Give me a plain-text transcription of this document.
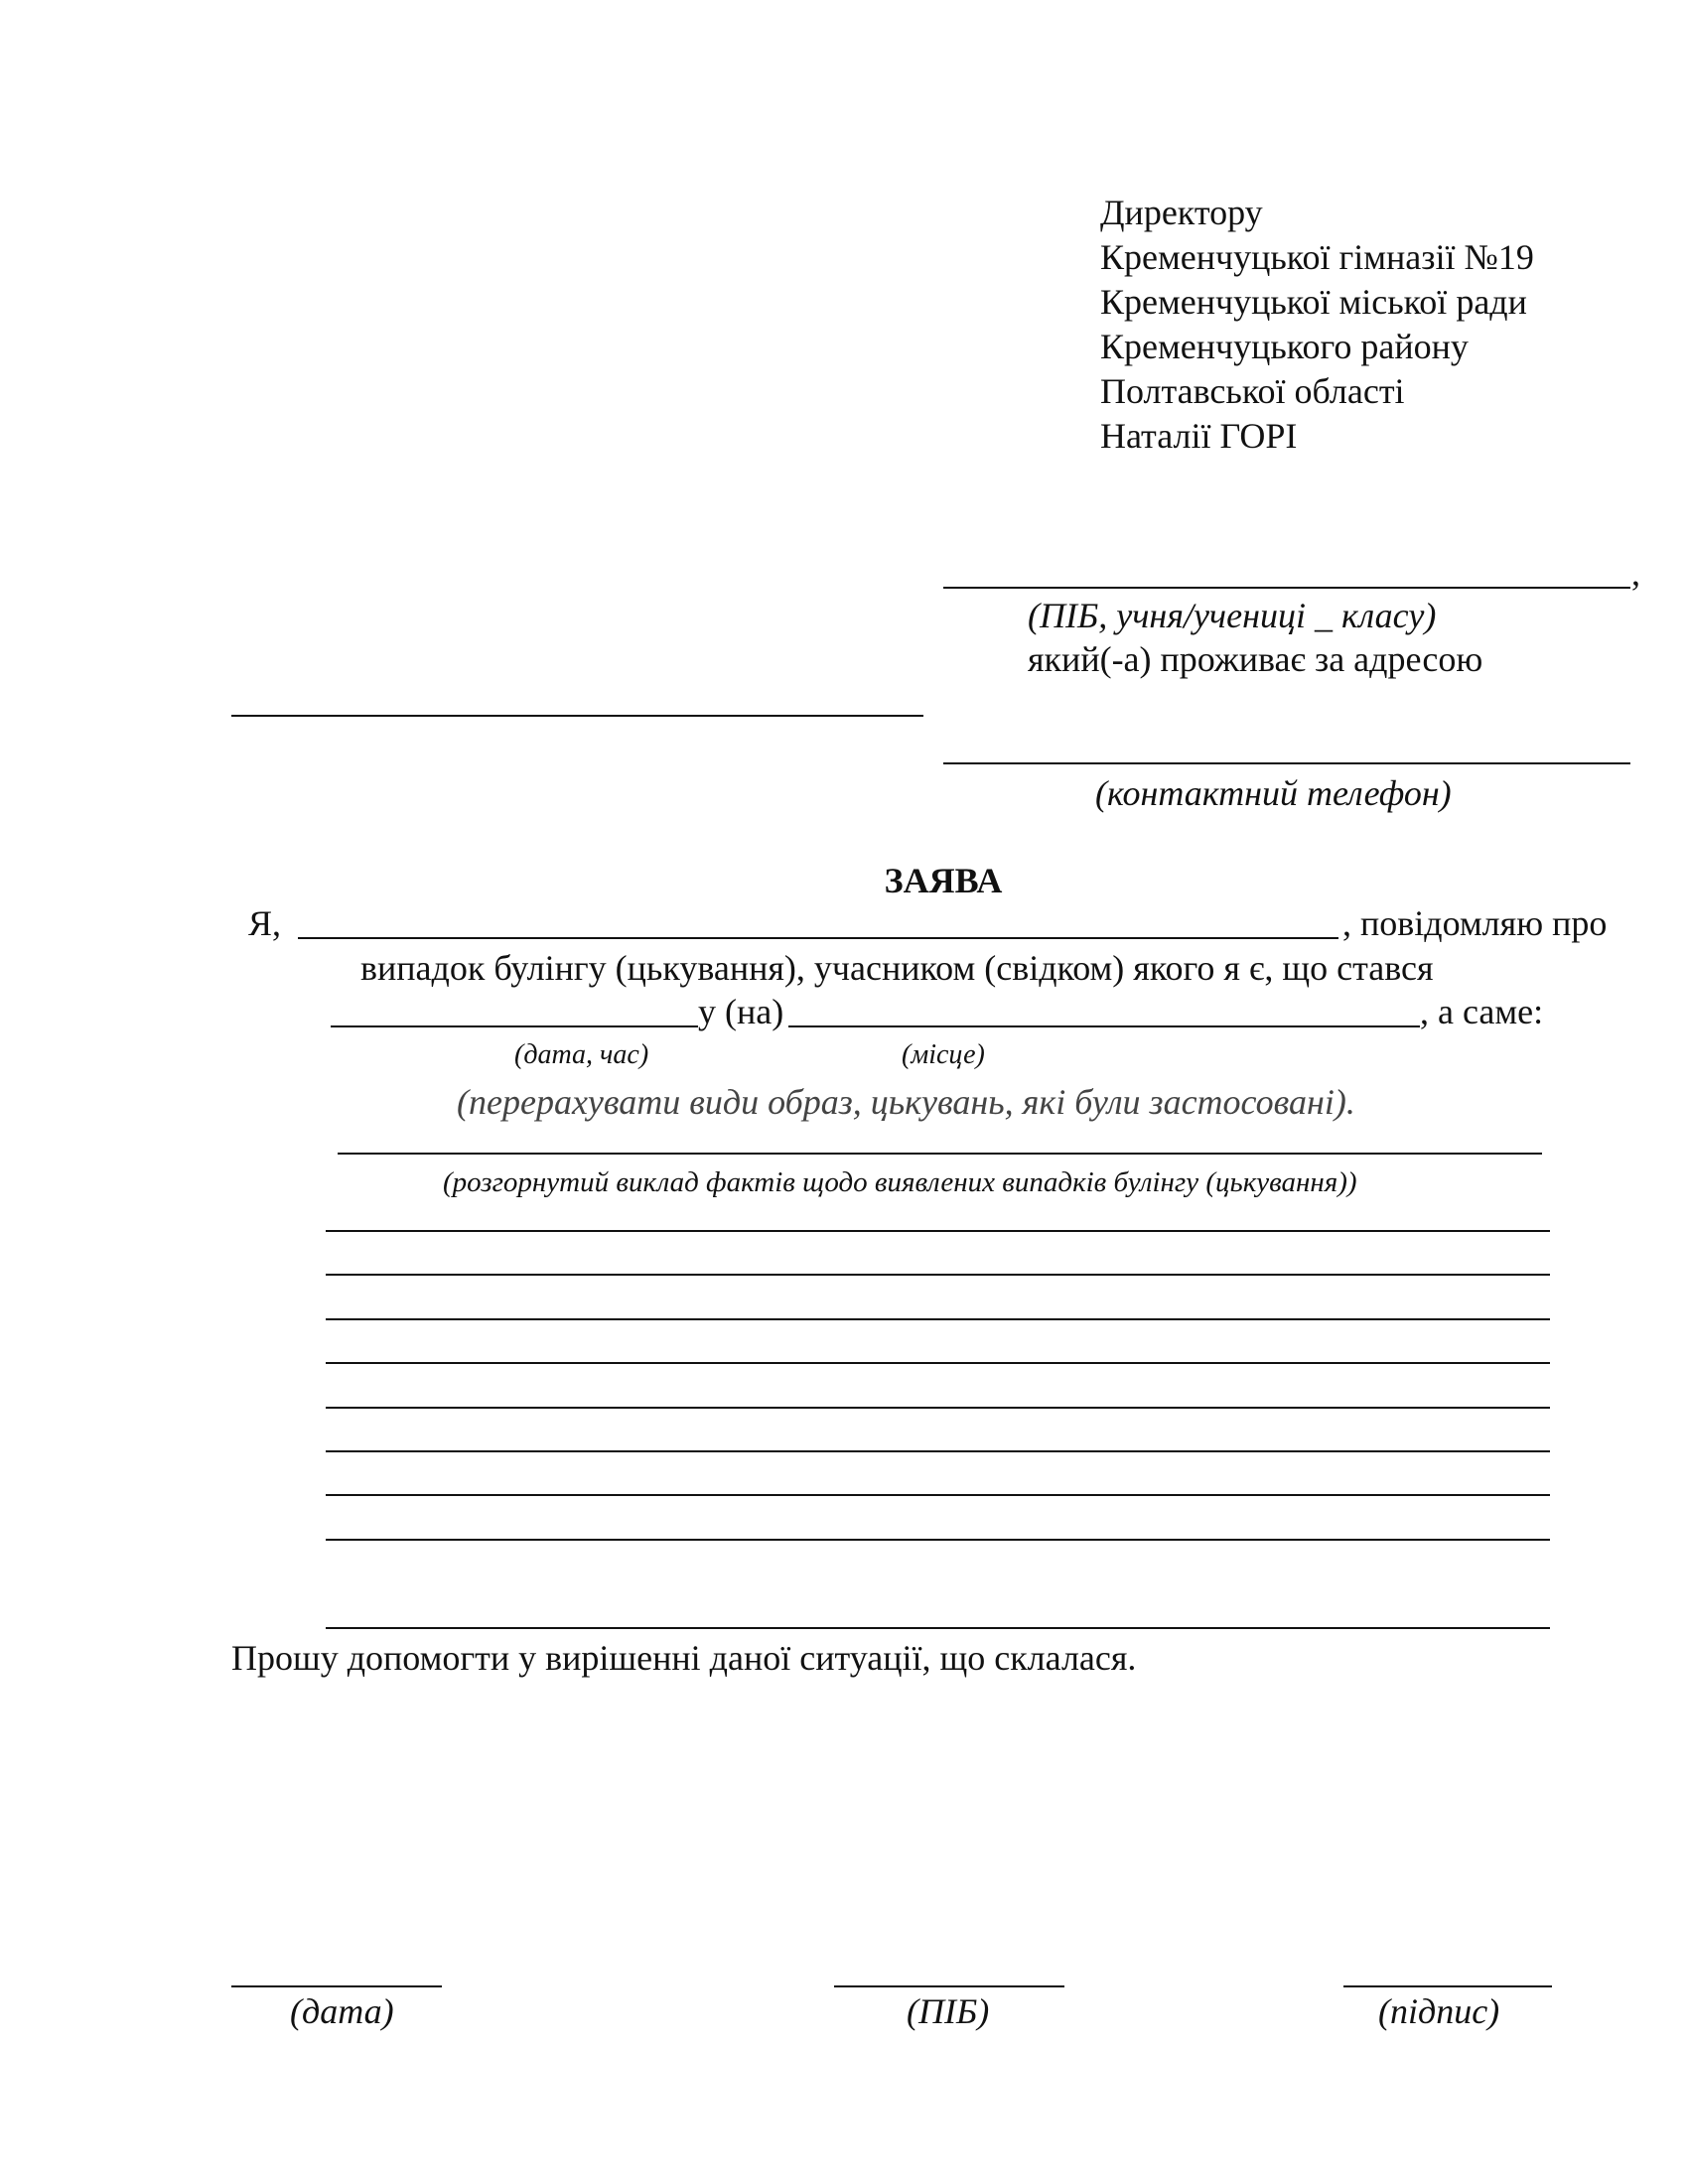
Директору
Кременчуцької гімназії №19
Кременчуцької міської ради
Кременчуцького району
Полтавської області
Наталії ГОРІ
,
(ПІБ, учня/учениці _ класу)
який(-а) проживає за адресою
(контактний телефон)
ЗАЯВА
Я,	, повідомляю про
випадок булінгу (цькування), учасником (свідком) якого я є, що стався
у (на)	, а саме:
(дата, час)	(місце)
(перерахувати види образ, цькувань, які були застосовані).
(розгорнутий виклад фактів щодо виявлених випадків булінгу (цькування))
Прошу допомогти у вирішенні даної ситуації, що склалася.
(дата)	(ПІБ)	(підпис)
